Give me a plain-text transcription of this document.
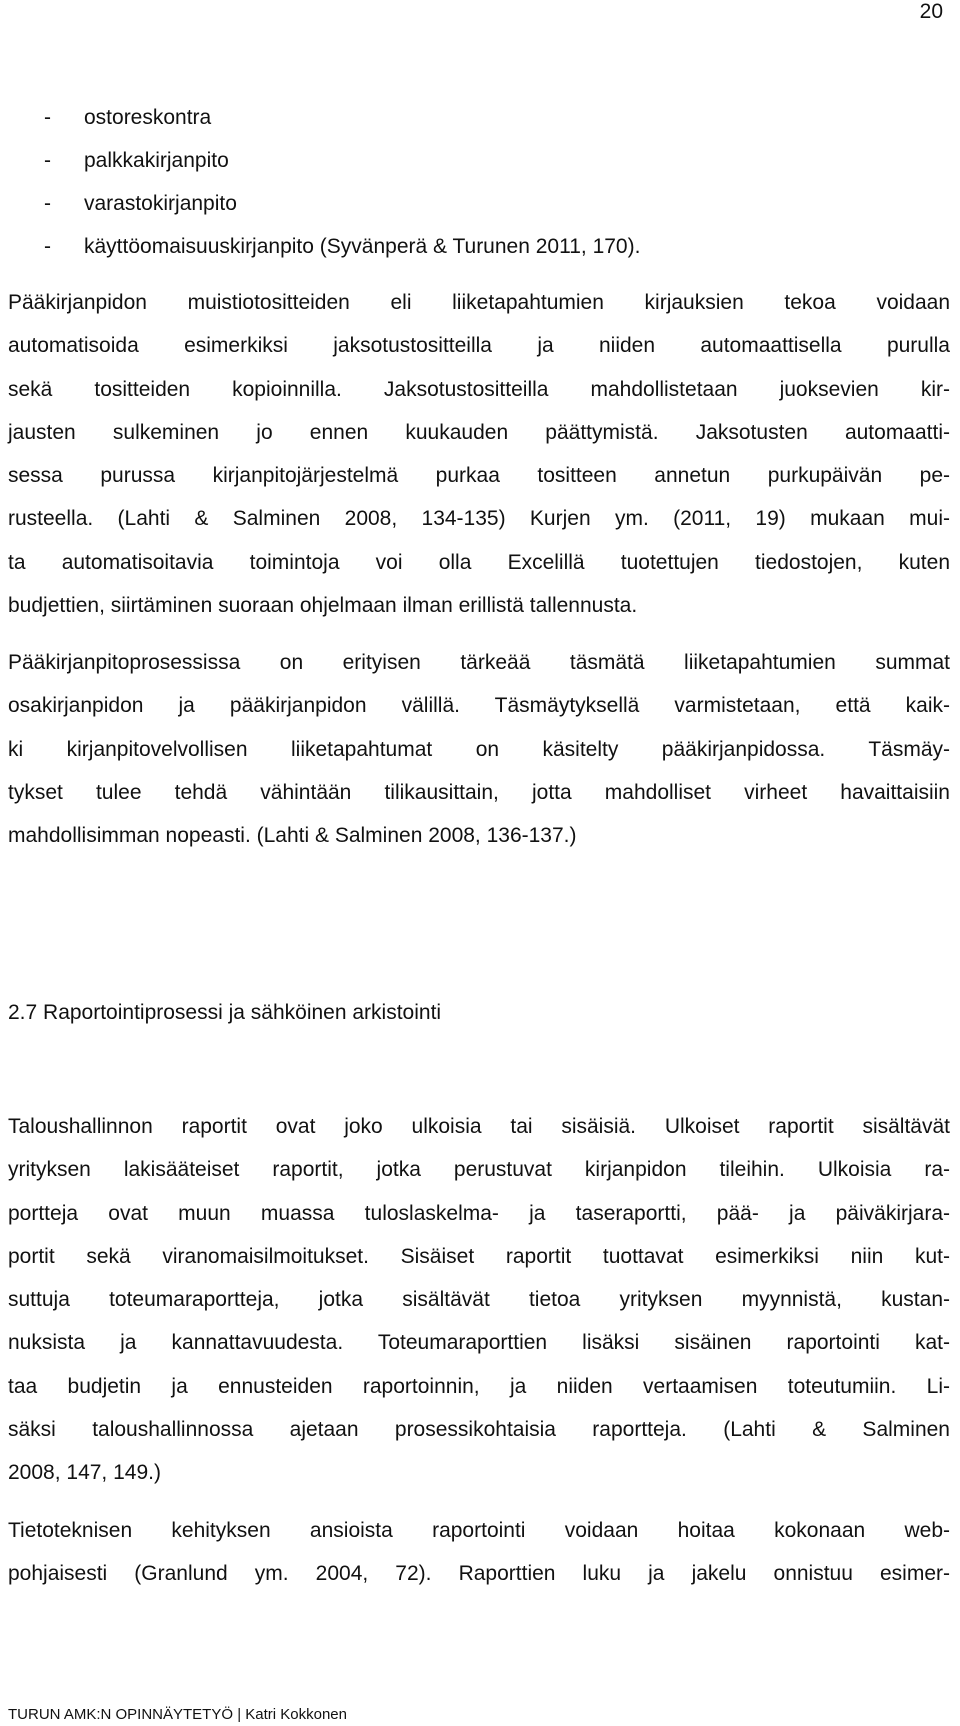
20
- ostoreskontra
- palkkakirjanpito
- varastokirjanpito
- käyttöomaisuuskirjanpito (Syvänperä & Turunen 2011, 170).

Pääkirjanpidon muistiotositteiden eli liiketapahtumien kirjauksien tekoa voidaan
automatisoida esimerkiksi jaksotustositteilla ja niiden automaattisella purulla
sekä tositteiden kopioinnilla. Jaksotustositteilla mahdollistetaan juoksevien kir-
jausten sulkeminen jo ennen kuukauden päättymistä. Jaksotusten automaatti-
sessa purussa kirjanpitojärjestelmä purkaa tositteen annetun purkupäivän pe-
rusteella. (Lahti & Salminen 2008, 134-135) Kurjen ym. (2011, 19) mukaan mui-
ta automatisoitavia toimintoja voi olla Excelillä tuotettujen tiedostojen, kuten
budjettien, siirtäminen suoraan ohjelmaan ilman erillistä tallennusta.

Pääkirjanpitoprosessissa on erityisen tärkeää täsmätä liiketapahtumien summat
osakirjanpidon ja pääkirjanpidon välillä. Täsmäytyksellä varmistetaan, että kaik-
ki kirjanpitovelvollisen liiketapahtumat on käsitelty pääkirjanpidossa. Täsmäy-
tykset tulee tehdä vähintään tilikausittain, jotta mahdolliset virheet havaittaisiin
mahdollisimman nopeasti. (Lahti & Salminen 2008, 136-137.)

2.7 Raportointiprosessi ja sähköinen arkistointi

Taloushallinnon raportit ovat joko ulkoisia tai sisäisiä. Ulkoiset raportit sisältävät
yrityksen lakisääteiset raportit, jotka perustuvat kirjanpidon tileihin. Ulkoisia ra-
portteja ovat muun muassa tuloslaskelma- ja taseraportti, pää- ja päiväkirjara-
portit sekä viranomaisilmoitukset. Sisäiset raportit tuottavat esimerkiksi niin kut-
suttuja toteumaraportteja, jotka sisältävät tietoa yrityksen myynnistä, kustan-
nuksista ja kannattavuudesta. Toteumaraporttien lisäksi sisäinen raportointi kat-
taa budjetin ja ennusteiden raportoinnin, ja niiden vertaamisen toteutumiin. Li-
säksi taloushallinnossa ajetaan prosessikohtaisia raportteja. (Lahti & Salminen
2008, 147, 149.)

Tietoteknisen kehityksen ansioista raportointi voidaan hoitaa kokonaan web-
pohjaisesti (Granlund ym. 2004, 72). Raporttien luku ja jakelu onnistuu esimer-

TURUN AMK:N OPINNÄYTETYÖ | Katri Kokkonen
